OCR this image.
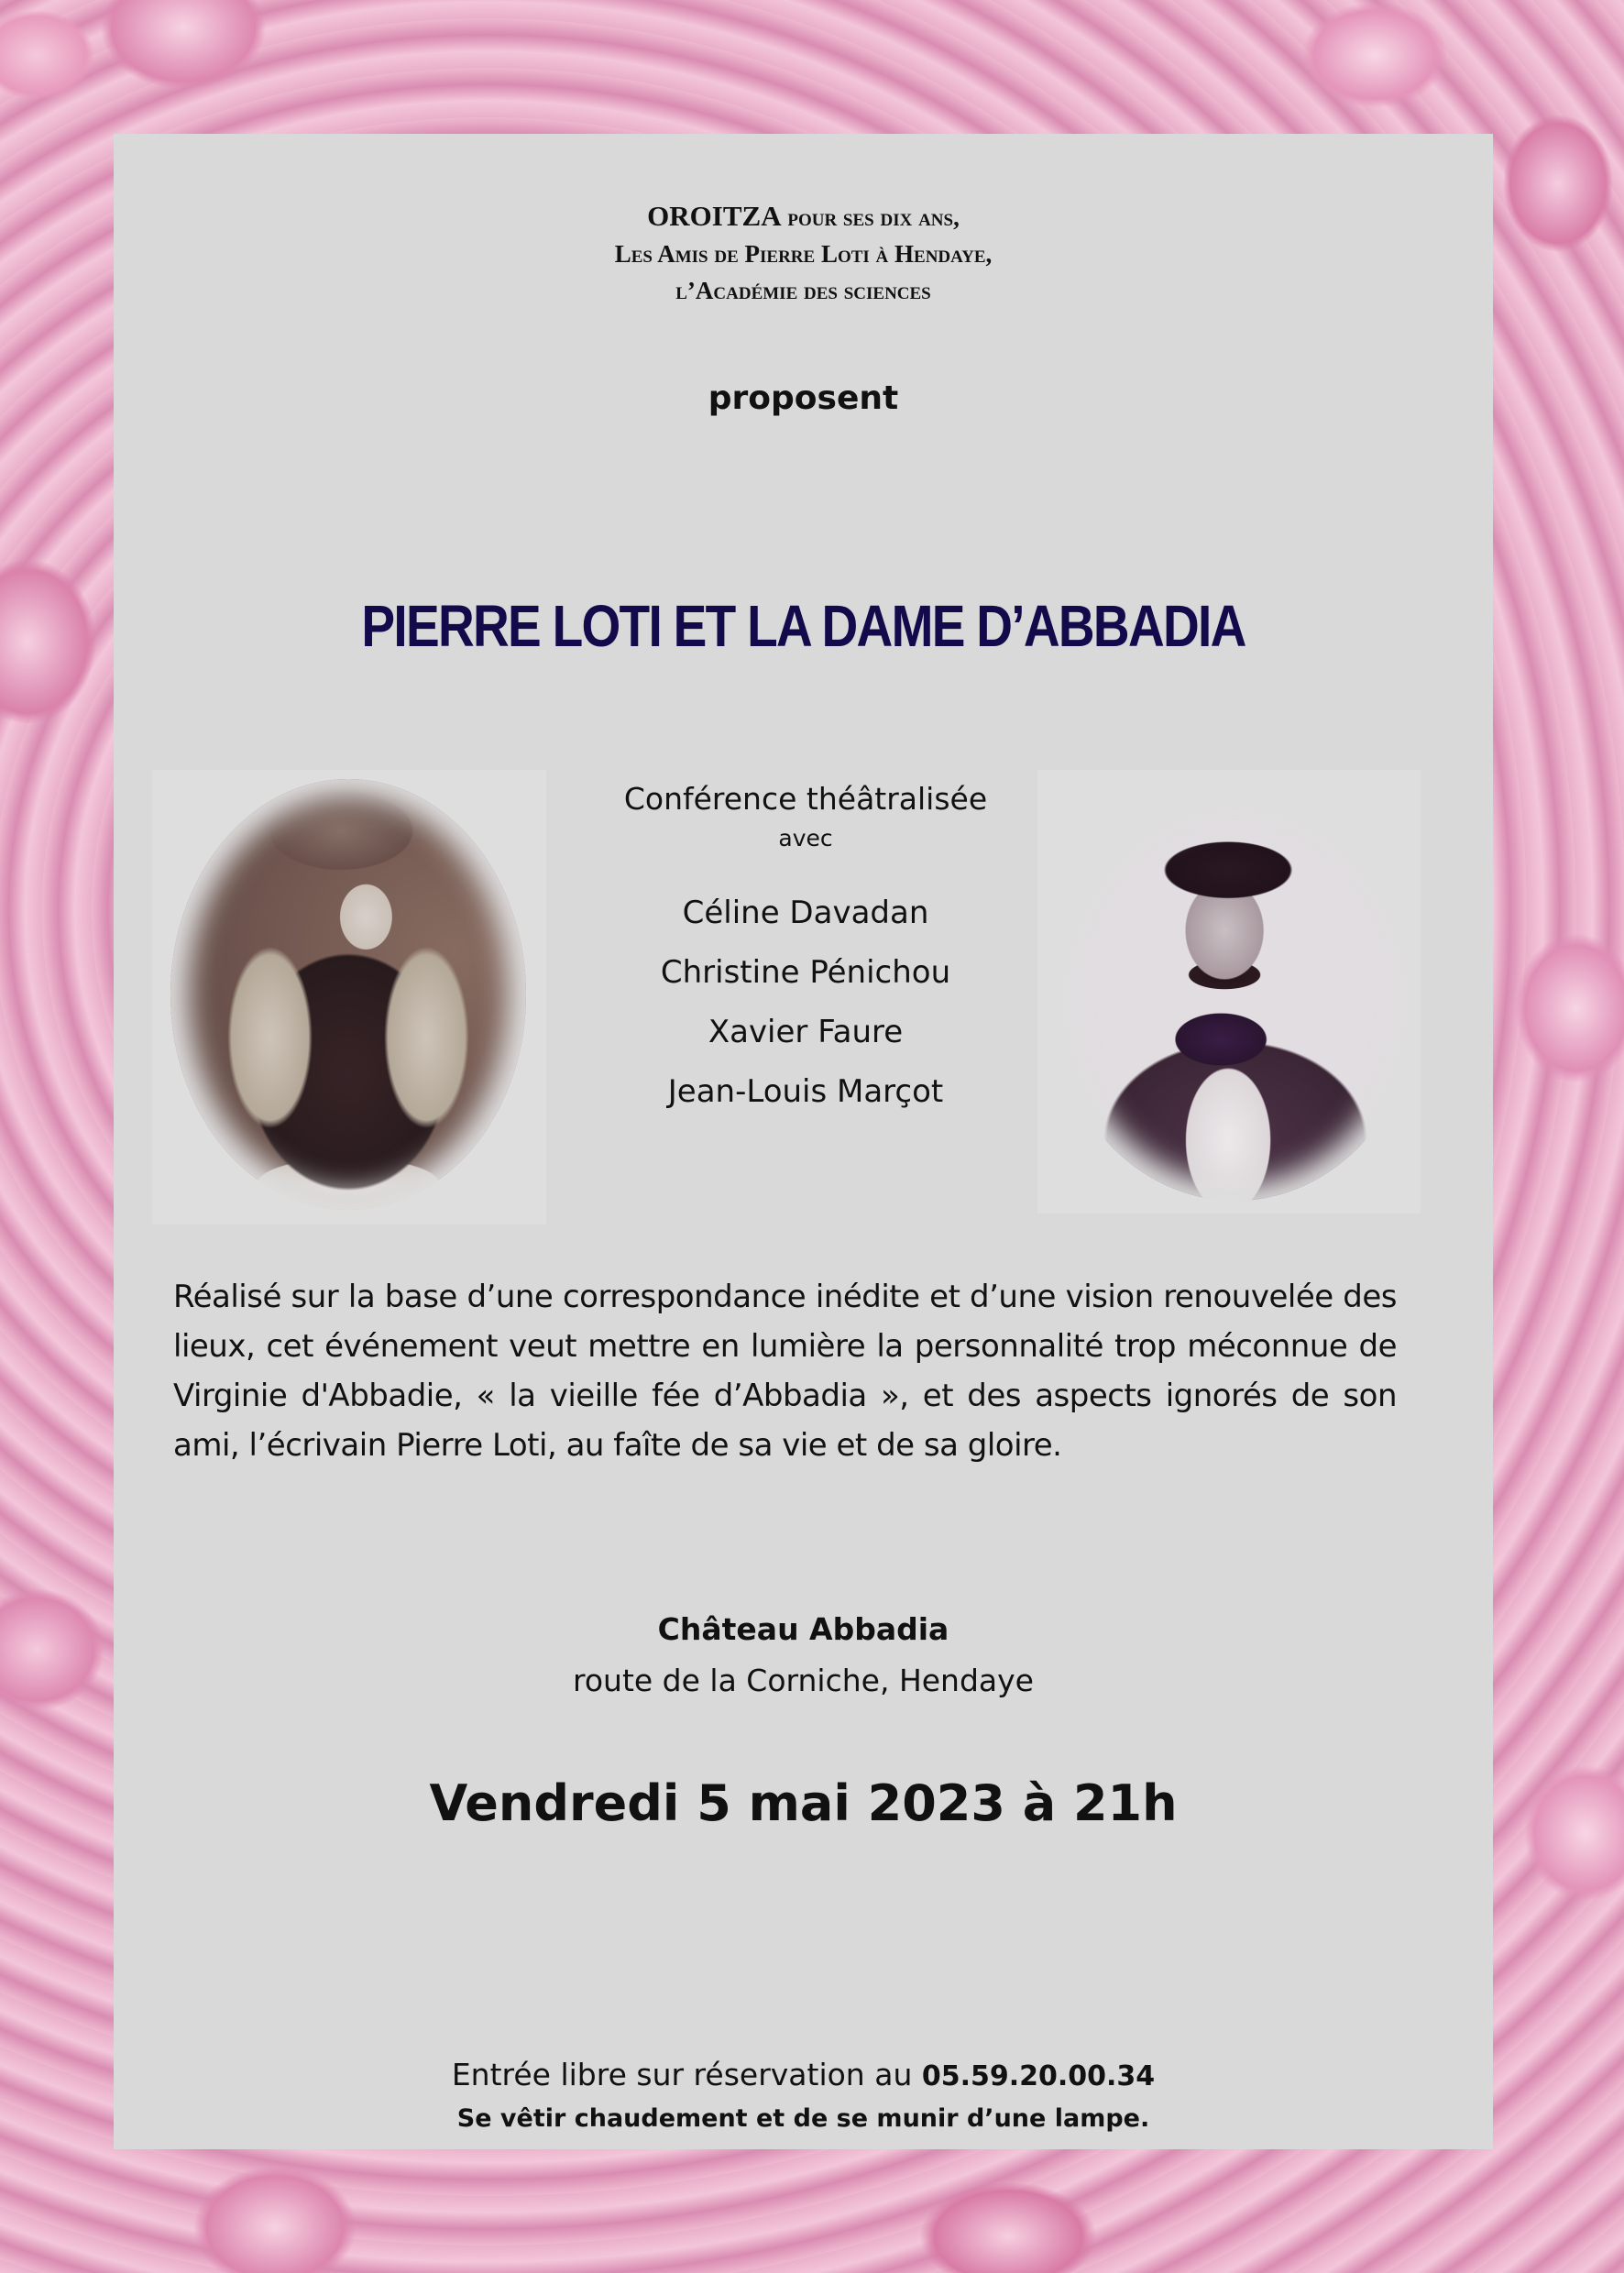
OROITZA pour ses dix ans,
Les Amis de Pierre Loti à Hendaye,
l’Académie des sciences
proposent
PIERRE LOTI ET LA DAME D’ABBADIA
Conférence théâtralisée
avec
Céline Davadan
Christine Pénichou
Xavier Faure
Jean-Louis Marçot
Réalisé sur la base d’une correspondance inédite et d’une vision renouvelée des lieux, cet événement veut mettre en lumière la personnalité trop méconnue de Virginie d'Abbadie, « la vieille fée d’Abbadia », et des aspects ignorés de son ami, l’écrivain Pierre Loti, au faîte de sa vie et de sa gloire.
Château Abbadia
route de la Corniche, Hendaye
Vendredi 5 mai 2023 à 21h
Entrée libre sur réservation au 05.59.20.00.34
Se vêtir chaudement et de se munir d’une lampe.
